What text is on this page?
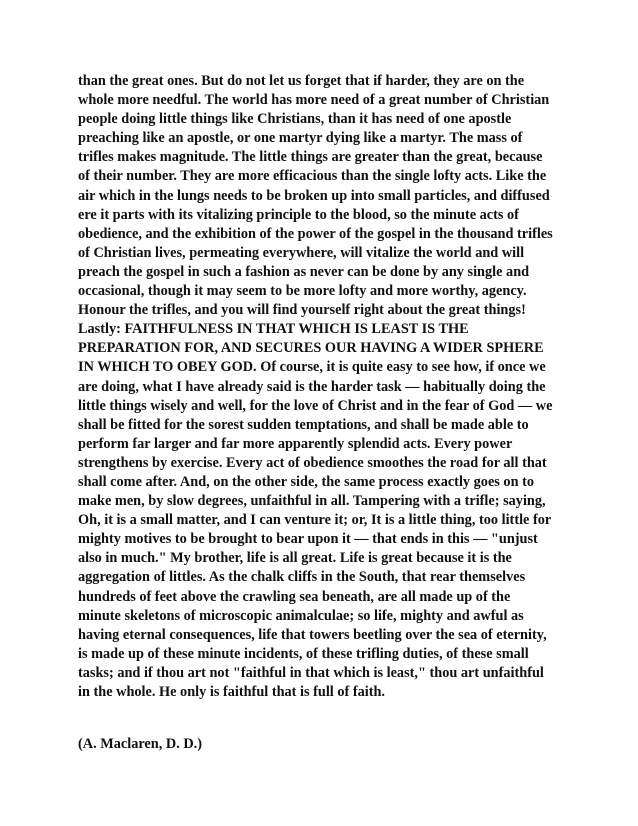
than the great ones. But do not let us forget that if harder, they are on the
whole more needful. The world has more need of a great number of Christian
people doing little things like Christians, than it has need of one apostle
preaching like an apostle, or one martyr dying like a martyr. The mass of
trifles makes magnitude. The little things are greater than the great, because
of their number. They are more efficacious than the single lofty acts. Like the
air which in the lungs needs to be broken up into small particles, and diffused
ere it parts with its vitalizing principle to the blood, so the minute acts of
obedience, and the exhibition of the power of the gospel in the thousand trifles
of Christian lives, permeating everywhere, will vitalize the world and will
preach the gospel in such a fashion as never can be done by any single and
occasional, though it may seem to be more lofty and more worthy, agency.
Honour the trifles, and you will find yourself right about the great things!
Lastly: FAITHFULNESS IN THAT WHICH IS LEAST IS THE
PREPARATION FOR, AND SECURES OUR HAVING A WIDER SPHERE
IN WHICH TO OBEY GOD. Of course, it is quite easy to see how, if once we
are doing, what I have already said is the harder task — habitually doing the
little things wisely and well, for the love of Christ and in the fear of God — we
shall be fitted for the sorest sudden temptations, and shall be made able to
perform far larger and far more apparently splendid acts. Every power
strengthens by exercise. Every act of obedience smoothes the road for all that
shall come after. And, on the other side, the same process exactly goes on to
make men, by slow degrees, unfaithful in all. Tampering with a trifle; saying,
Oh, it is a small matter, and I can venture it; or, It is a little thing, too little for
mighty motives to be brought to bear upon it — that ends in this — "unjust
also in much." My brother, life is all great. Life is great because it is the
aggregation of littles. As the chalk cliffs in the South, that rear themselves
hundreds of feet above the crawling sea beneath, are all made up of the
minute skeletons of microscopic animalculae; so life, mighty and awful as
having eternal consequences, life that towers beetling over the sea of eternity,
is made up of these minute incidents, of these trifling duties, of these small
tasks; and if thou art not "faithful in that which is least," thou art unfaithful
in the whole. He only is faithful that is full of faith.
(A. Maclaren, D. D.)
